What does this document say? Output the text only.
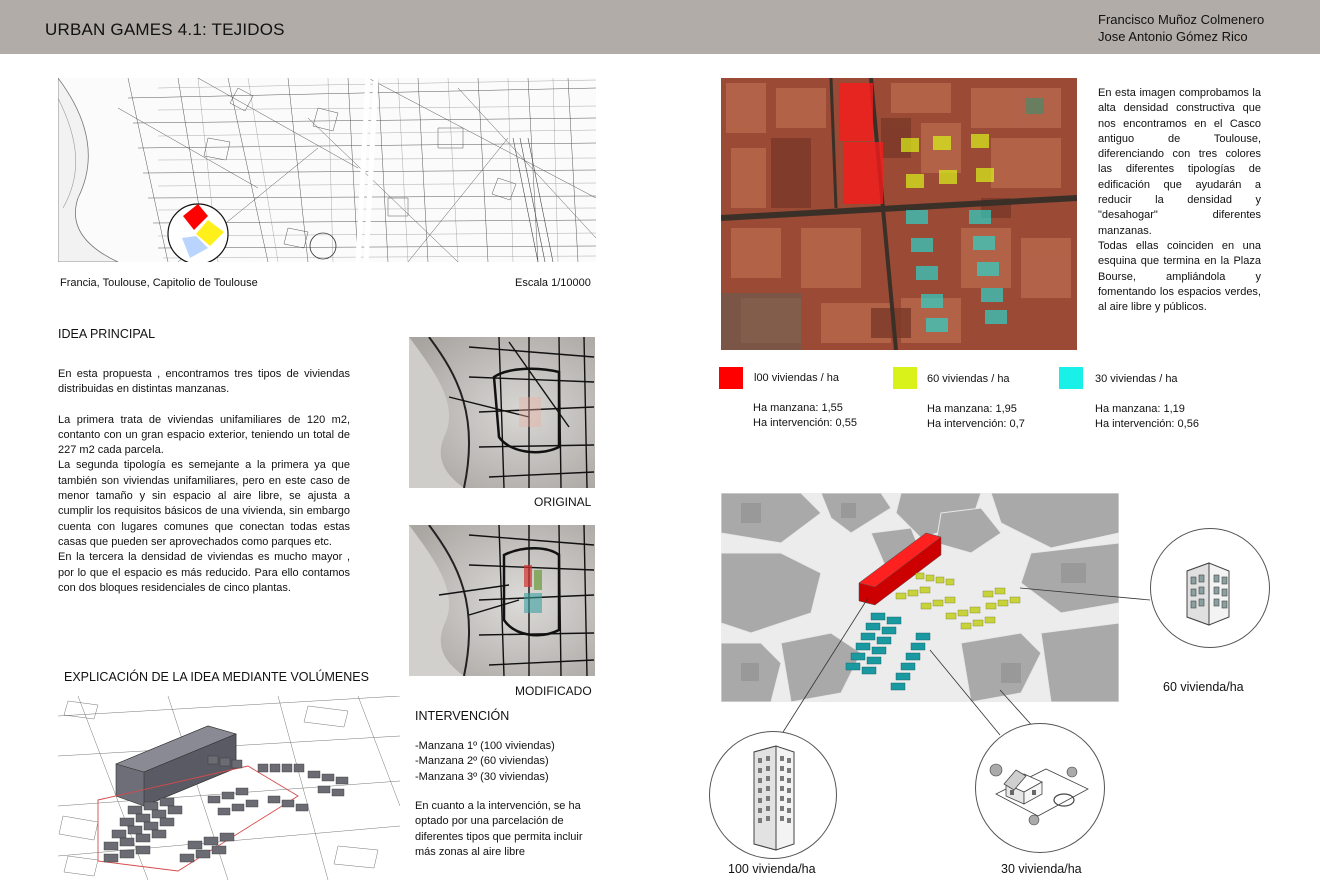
URBAN GAMES 4.1: TEJIDOS
Francisco Muñoz Colmenero
Jose Antonio Gómez Rico
Francia, Toulouse, Capitolio de Toulouse	Escala 1/10000
IDEA PRINCIPAL
En esta propuesta , encontramos tres tipos de viviendas distribuidas en distintas manzanas.
La primera trata de viviendas unifamiliares de 120 m2, contanto con un gran espacio exterior, teniendo un total de 227 m2 cada parcela.
La segunda tipología es semejante a la primera ya que también son viviendas unifamiliares, pero en este caso de menor tamaño y sin espacio al aire libre, se ajusta a cumplir los requisitos básicos de una vivienda, sin embargo cuenta con lugares comunes que conectan todas estas casas que pueden ser aprovechados como parques etc.
En la tercera la densidad de viviendas es mucho mayor , por lo que el espacio es más reducido. Para ello contamos con dos bloques residenciales de cinco plantas.
ORIGINAL
MODIFICADO
EXPLICACIÓN DE LA IDEA MEDIANTE VOLÚMENES
INTERVENCIÓN
-Manzana 1º (100 viviendas)
-Manzana 2º (60 viviendas)
-Manzana 3º (30 viviendas)
En cuanto a la intervención, se ha optado por una parcelación de diferentes tipos que permita incluir más zonas al aire libre
En esta imagen comprobamos la alta densidad constructiva que nos encontramos en el Casco antiguo de Toulouse, diferenciando con tres colores las diferentes tipologías de edificación que ayudarán a reducir la densidad y "desahogar" diferentes manzanas.
Todas ellas coinciden en una esquina que termina en la Plaza Bourse, ampliándola y fomentando los espacios verdes, al aire libre y públicos.
l00 viviendas / ha
Ha manzana: 1,55
Ha intervención: 0,55
60 viviendas / ha
Ha manzana: 1,95
Ha intervención: 0,7
30 viviendas / ha
Ha manzana: 1,19
Ha intervención: 0,56
60 vivienda/ha
100 vivienda/ha	30 vivienda/ha
